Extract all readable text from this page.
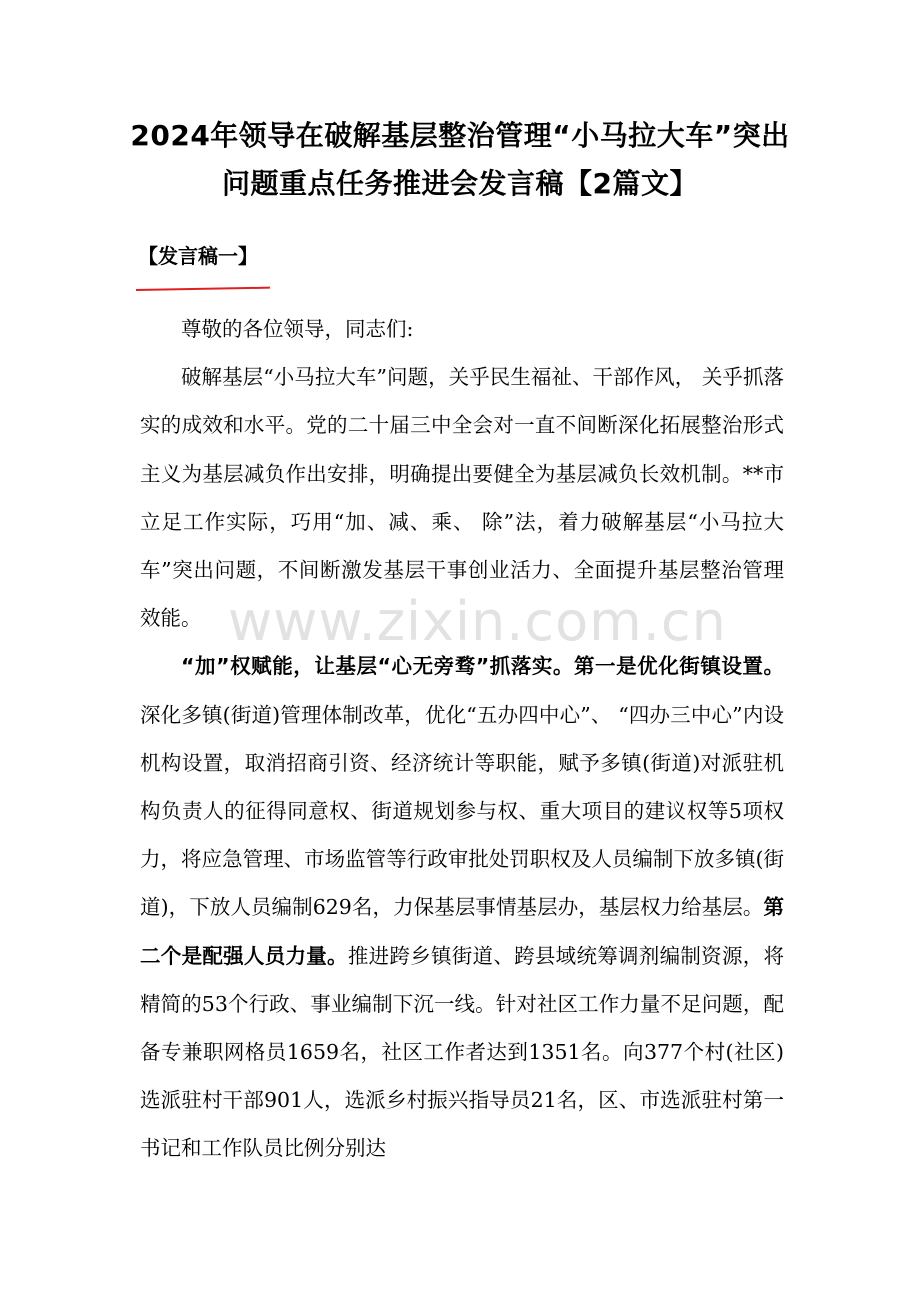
2024年领导在破解基层整治管理“小马拉大车”突出问题重点任务推进会发言稿【2篇文】
【发言稿一】

尊敬的各位领导，同志们:

破解基层“小马拉大车”问题，关乎民生福祉、干部作风， 关乎抓落实的成效和水平。党的二十届三中全会对一直不间断深化拓展整治形式主义为基层减负作出安排，明确提出要健全为基层减负长效机制。**市立足工作实际，巧用“加、减、乘、 除”法，着力破解基层“小马拉大车”突出问题，不间断激发基层干事创业活力、全面提升基层整治管理效能。

“加”权赋能，让基层“心无旁骛”抓落实。第一是优化街镇设置。深化多镇(街道)管理体制改革，优化“五办四中心”、 “四办三中心”内设机构设置，取消招商引资、经济统计等职能，赋予多镇(街道)对派驻机构负责人的征得同意权、街道规划参与权、重大项目的建议权等5项权力，将应急管理、市场监管等行政审批处罚职权及人员编制下放多镇(街道)，下放人员编制629名，力保基层事情基层办，基层权力给基层。第二个是配强人员力量。推进跨乡镇街道、跨县域统筹调剂编制资源，将精简的53个行政、事业编制下沉一线。针对社区工作力量不足问题，配备专兼职网格员1659名，社区工作者达到1351名。向377个村(社区)选派驻村干部901人，选派乡村振兴指导员21名，区、市选派驻村第一书记和工作队员比例分别达

www.zixin.com.cn
